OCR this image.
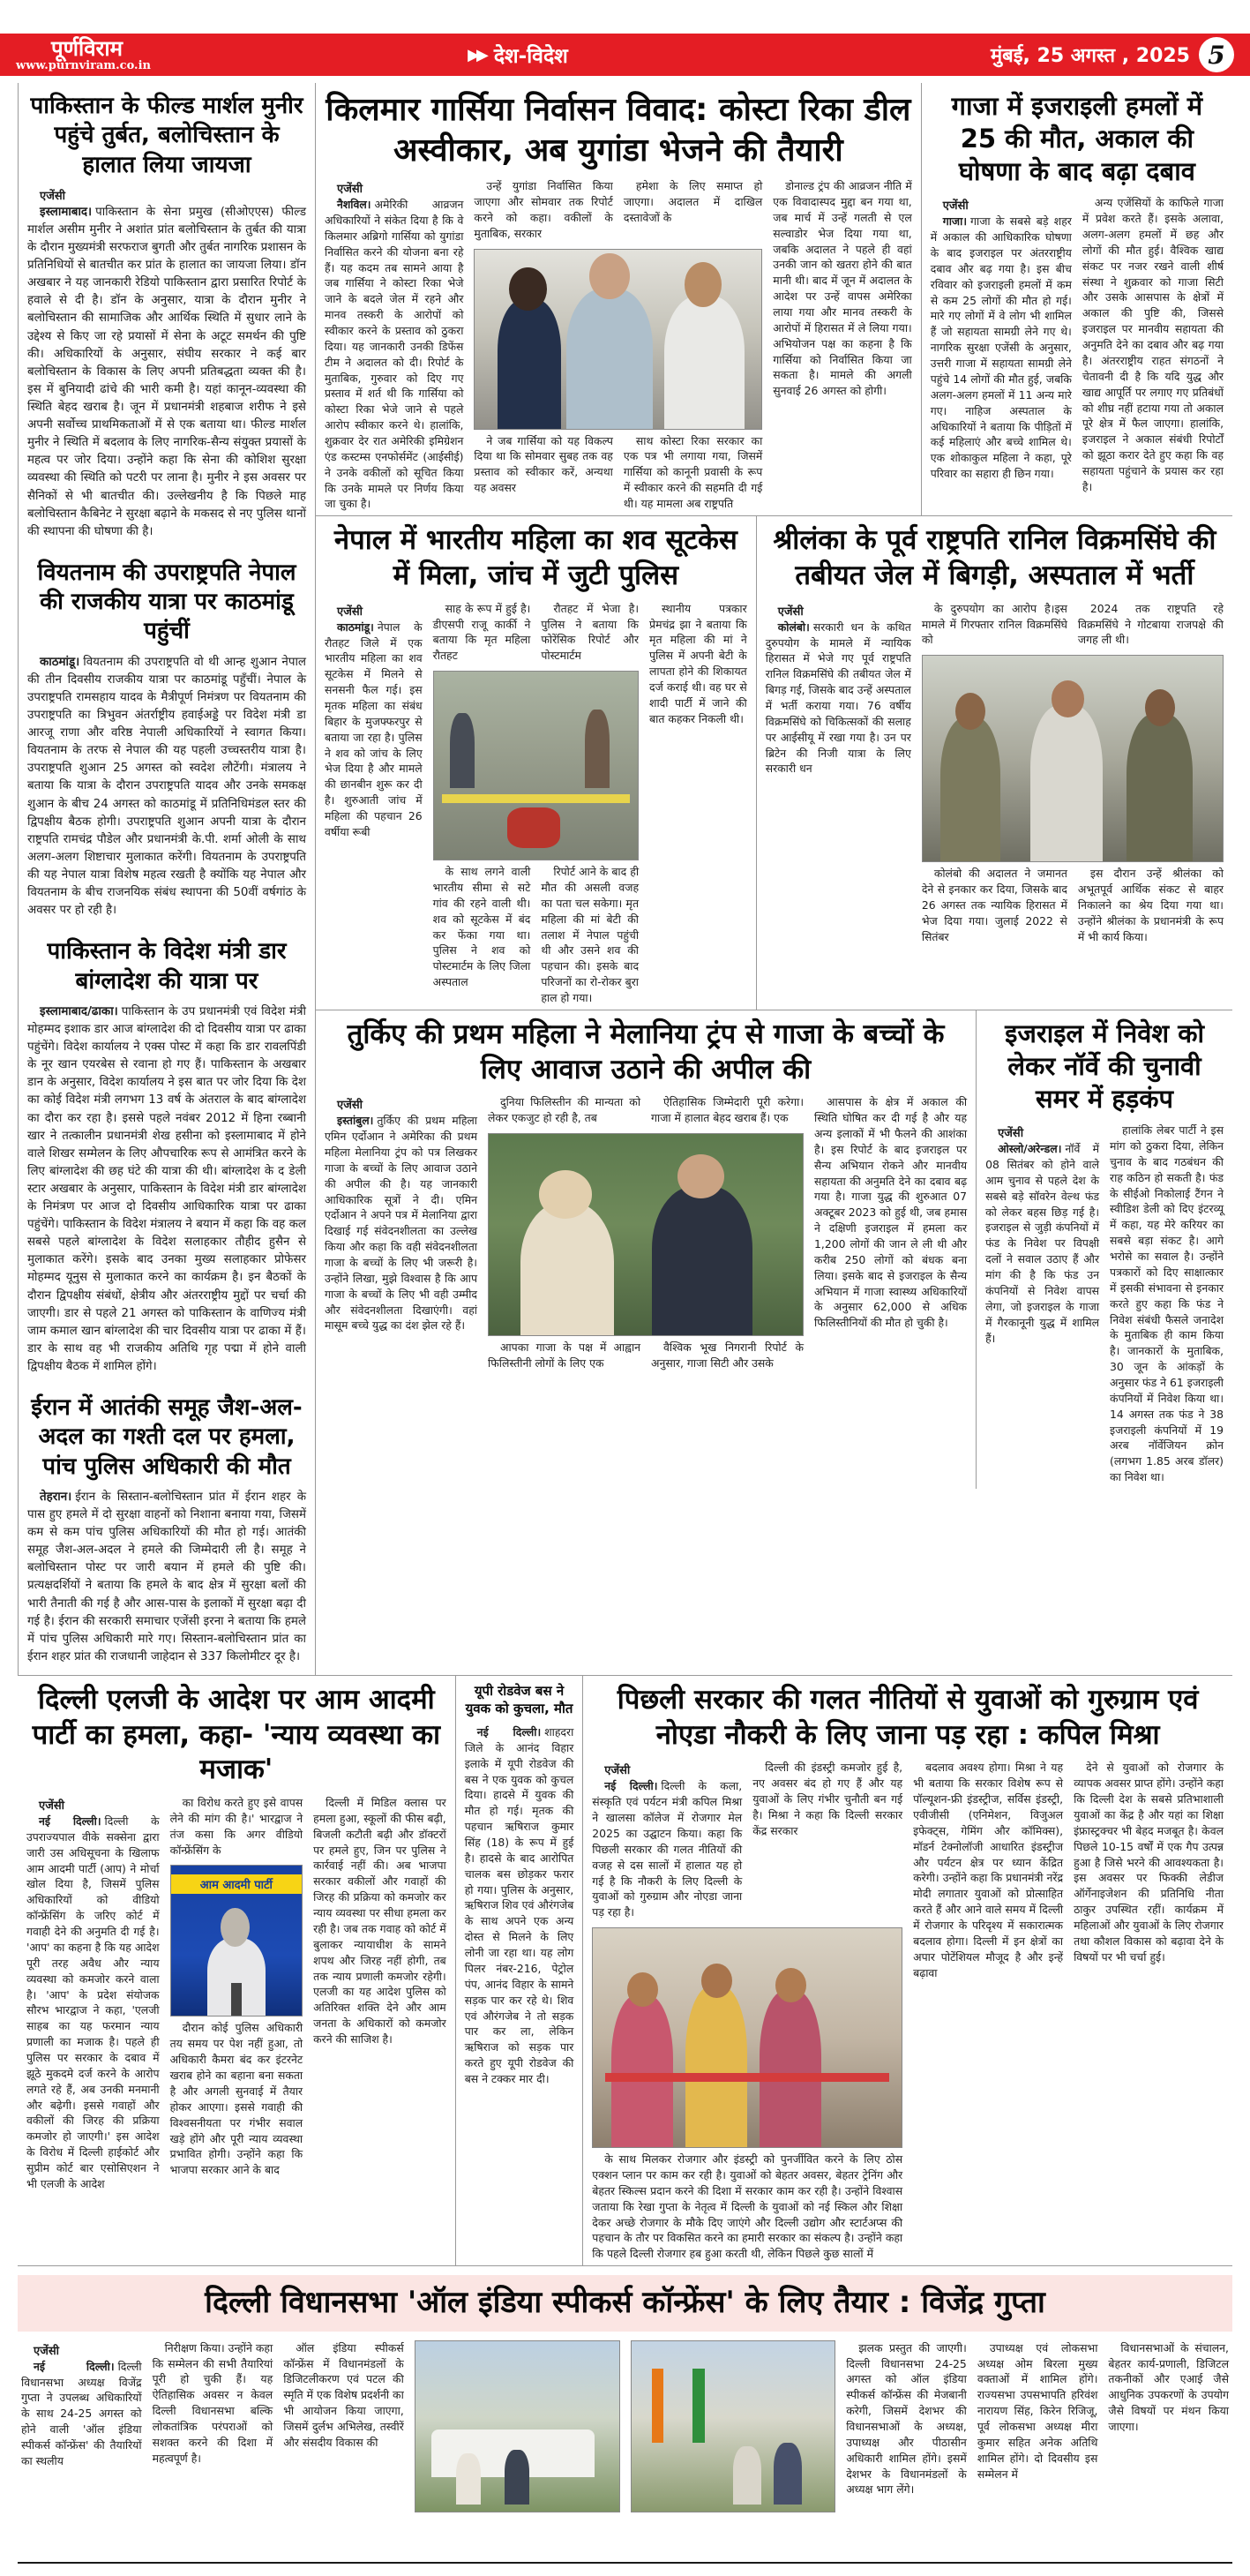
पूर्णविराम
www.purnviram.co.in
▶▶ देश-विदेश	मुंबई, 25 अगस्त , 2025 5
पाकिस्तान के फील्ड मार्शल मुनीर पहुंचे तुर्बत, बलोचिस्तान के हालात लिया जायजा

एजेंसी

इस्लामाबाद। पाकिस्तान के सेना प्रमुख (सीओएएस) फील्ड मार्शल असीम मुनीर ने अशांत प्रांत बलोचिस्तान के तुर्बत की यात्रा के दौरान मुख्यमंत्री सरफराज बुगती और तुर्बत नागरिक प्रशासन के प्रतिनिधियों से बातचीत कर प्रांत के हालात का जायजा लिया। डॉन अखबार ने यह जानकारी रेडियो पाकिस्तान द्वारा प्रसारित रिपोर्ट के हवाले से दी है। डॉन के अनुसार, यात्रा के दौरान मुनीर ने बलोचिस्तान की सामाजिक और आर्थिक स्थिति में सुधार लाने के उद्देश्य से किए जा रहे प्रयासों में सेना के अटूट समर्थन की पुष्टि की। अधिकारियों के अनुसार, संघीय सरकार ने कई बार बलोचिस्तान के विकास के लिए अपनी प्रतिबद्धता व्यक्त की है। इस में बुनियादी ढांचे की भारी कमी है। यहां कानून-व्यवस्था की स्थिति बेहद खराब है। जून में प्रधानमंत्री शहबाज शरीफ ने इसे अपनी सर्वोच्च प्राथमिकताओं में से एक बताया था। फील्ड मार्शल मुनीर ने स्थिति में बदलाव के लिए नागरिक-सैन्य संयुक्त प्रयासों के महत्व पर जोर दिया। उन्होंने कहा कि सेना की कोशिश सुरक्षा व्यवस्था की स्थिति को पटरी पर लाना है। मुनीर ने इस अवसर पर सैनिकों से भी बातचीत की। उल्लेखनीय है कि पिछले माह बलोचिस्तान कैबिनेट ने सुरक्षा बढ़ाने के मकसद से नए पुलिस थानों की स्थापना की घोषणा की है।

वियतनाम की उपराष्ट्रपति नेपाल की राजकीय यात्रा पर काठमांडू पहुंचीं

काठमांडू। वियतनाम की उपराष्ट्रपति वो थी आन्ह शुआन नेपाल की तीन दिवसीय राजकीय यात्रा पर काठमांडू पहुँचीं। नेपाल के उपराष्ट्रपति रामसहाय यादव के मैत्रीपूर्ण निमंत्रण पर वियतनाम की उपराष्ट्रपति का त्रिभुवन अंतर्राष्ट्रीय हवाईअड्डे पर विदेश मंत्री डा आरजू राणा और वरिष्ठ नेपाली अधिकारियों ने स्वागत किया।वियतनाम के तरफ से नेपाल की यह पहली उच्चस्तरीय यात्रा है। उपराष्ट्रपति शुआन 25 अगस्त को स्वदेश लौटेंगी। मंत्रालय ने बताया कि यात्रा के दौरान उपराष्ट्रपति यादव और उनके समकक्ष शुआन के बीच 24 अगस्त को काठमांडू में प्रतिनिधिमंडल स्तर की द्विपक्षीय बैठक होगी। उपराष्ट्रपति शुआन अपनी यात्रा के दौरान राष्ट्रपति रामचंद्र पौडेल और प्रधानमंत्री के.पी. शर्मा ओली के साथ अलग-अलग शिष्टाचार मुलाकात करेंगी। वियतनाम के उपराष्ट्रपति की यह नेपाल यात्रा विशेष महत्व रखती है क्योंकि यह नेपाल और वियतनाम के बीच राजनयिक संबंध स्थापना की 50वीं वर्षगांठ के अवसर पर हो रही है।

पाकिस्तान के विदेश मंत्री डार बांग्लादेश की यात्रा पर

इस्लामाबाद/ढाका। पाकिस्तान के उप प्रधानमंत्री एवं विदेश मंत्री मोहम्मद इशाक डार आज बांग्लादेश की दो दिवसीय यात्रा पर ढाका पहुंचेंगे। विदेश कार्यालय ने एक्स पोस्ट में कहा कि डार रावलपिंडी के नूर खान एयरबेस से रवाना हो गए हैं। पाकिस्तान के अखबार डान के अनुसार, विदेश कार्यालय ने इस बात पर जोर दिया कि देश का कोई विदेश मंत्री लगभग 13 वर्ष के अंतराल के बाद बांग्लादेश का दौरा कर रहा है। इससे पहले नवंबर 2012 में हिना रब्बानी खार ने तत्कालीन प्रधानमंत्री शेख हसीना को इस्लामाबाद में होने वाले शिखर सम्मेलन के लिए औपचारिक रूप से आमंत्रित करने के लिए बांग्लादेश की छह घंटे की यात्रा की थी। बांग्लादेश के द डेली स्टार अखबार के अनुसार, पाकिस्तान के विदेश मंत्री डार बांग्लादेश के निमंत्रण पर आज दो दिवसीय आधिकारिक यात्रा पर ढाका पहुंचेंगे। पाकिस्तान के विदेश मंत्रालय ने बयान में कहा कि वह कल सबसे पहले बांग्लादेश के विदेश सलाहकार तौहीद हुसैन से मुलाकात करेंगे। इसके बाद उनका मुख्य सलाहकार प्रोफेसर मोहम्मद यूनुस से मुलाकात करने का कार्यक्रम है। इन बैठकों के दौरान द्विपक्षीय संबंधों, क्षेत्रीय और अंतरराष्ट्रीय मुद्दों पर चर्चा की जाएगी। डार से पहले 21 अगस्त को पाकिस्तान के वाणिज्य मंत्री जाम कमाल खान बांग्लादेश की चार दिवसीय यात्रा पर ढाका में हैं। डार के साथ वह भी राजकीय अतिथि गृह पद्मा में होने वाली द्विपक्षीय बैठक में शामिल होंगे।

ईरान में आतंकी समूह जैश-अल-अदल का गश्ती दल पर हमला, पांच पुलिस अधिकारी की मौत

तेहरान। ईरान के सिस्तान-बलोचिस्तान प्रांत में ईरान शहर के पास हुए हमले में दो सुरक्षा वाहनों को निशाना बनाया गया, जिसमें कम से कम पांच पुलिस अधिकारियों की मौत हो गई। आतंकी समूह जैश-अल-अदल ने हमले की जिम्मेदारी ली है। समूह ने बलोचिस्तान पोस्ट पर जारी बयान में हमले की पुष्टि की। प्रत्यक्षदर्शियों ने बताया कि हमले के बाद क्षेत्र में सुरक्षा बलों की भारी तैनाती की गई है और आस-पास के इलाकों में सुरक्षा बढ़ा दी गई है। ईरान की सरकारी समाचार एजेंसी इरना ने बताया कि हमले में पांच पुलिस अधिकारी मारे गए। सिस्तान-बलोचिस्तान प्रांत का ईरान शहर प्रांत की राजधानी जाहेदान से 337 किलोमीटर दूर है।

किलमार गार्सिया निर्वासन विवाद: कोस्टा रिका डील अस्वीकार, अब युगांडा भेजने की तैयारी

एजेंसी

नैशविल। अमेरिकी आव्रजन अधिकारियों ने संकेत दिया है कि वे किलमार अब्रिगो गार्सिया को युगांडा निर्वासित करने की योजना बना रहे हैं। यह कदम तब सामने आया है जब गार्सिया ने कोस्टा रिका भेजे जाने के बदले जेल में रहने और मानव तस्करी के आरोपों को स्वीकार करने के प्रस्ताव को ठुकरा दिया। यह जानकारी उनकी डिफेंस टीम ने अदालत को दी। रिपोर्ट के मुताबिक, गुरुवार को दिए गए प्रस्ताव में शर्त थी कि गार्सिया को कोस्टा रिका भेजे जाने से पहले आरोप स्वीकार करने थे। हालांकि, शुक्रवार देर रात अमेरिकी इमिग्रेशन एंड कस्टम्स एनफोर्समेंट (आईसीई) ने उनके वकीलों को सूचित किया कि उनके मामले पर निर्णय किया जा चुका है।

उन्हें युगांडा निर्वासित किया जाएगा और सोमवार तक रिपोर्ट करने को कहा। वकीलों के मुताबिक, सरकार

हमेशा के लिए समाप्त हो जाएगा। अदालत में दाखिल दस्तावेजों के

ने जब गार्सिया को यह विकल्प दिया था कि सोमवार सुबह तक वह प्रस्ताव को स्वीकार करें, अन्यथा यह अवसर

साथ कोस्टा रिका सरकार का एक पत्र भी लगाया गया, जिसमें गार्सिया को कानूनी प्रवासी के रूप में स्वीकार करने की सहमति दी गई थी। यह मामला अब राष्ट्रपति

डोनाल्ड ट्रंप की आव्रजन नीति में एक विवादास्पद मुद्दा बन गया था, जब मार्च में उन्हें गलती से एल सल्वाडोर भेज दिया गया था, जबकि अदालत ने पहले ही वहां उनकी जान को खतरा होने की बात मानी थी। बाद में जून में अदालत के आदेश पर उन्हें वापस अमेरिका लाया गया और मानव तस्करी के आरोपों में हिरासत में ले लिया गया। अभियोजन पक्ष का कहना है कि गार्सिया को निर्वासित किया जा सकता है। मामले की अगली सुनवाई 26 अगस्त को होगी।

गाजा में इजराइली हमलों में 25 की मौत, अकाल की घोषणा के बाद बढ़ा दबाव

एजेंसी

गाजा। गाजा के सबसे बड़े शहर में अकाल की आधिकारिक घोषणा के बाद इजराइल पर अंतरराष्ट्रीय दबाव और बढ़ गया है। इस बीच रविवार को इजराइली हमलों में कम से कम 25 लोगों की मौत हो गई। मारे गए लोगों में वे लोग भी शामिल हैं जो सहायता सामग्री लेने गए थे। नागरिक सुरक्षा एजेंसी के अनुसार, उत्तरी गाजा में सहायता सामग्री लेने पहुंचे 14 लोगों की मौत हुई, जबकि अलग-अलग हमलों में 11 अन्य मारे गए। नाहिज अस्पताल के अधिकारियों ने बताया कि पीड़ितों में कई महिलाएं और बच्चे शामिल थे। एक शोकाकुल महिला ने कहा, पूरे परिवार का सहारा ही छिन गया।

अन्य एजेंसियों के काफिले गाजा में प्रवेश करते हैं। इसके अलावा, अलग-अलग हमलों में छह और लोगों की मौत हुई। वैश्विक खाद्य संकट पर नजर रखने वाली शीर्ष संस्था ने शुक्रवार को गाजा सिटी और उसके आसपास के क्षेत्रों में अकाल की पुष्टि की, जिससे इजराइल पर मानवीय सहायता की अनुमति देने का दबाव और बढ़ गया है। अंतरराष्ट्रीय राहत संगठनों ने चेतावनी दी है कि यदि युद्ध और खाद्य आपूर्ति पर लगाए गए प्रतिबंधों को शीघ्र नहीं हटाया गया तो अकाल पूरे क्षेत्र में फैल जाएगा। हालांकि, इजराइल ने अकाल संबंधी रिपोर्टों को झूठा करार देते हुए कहा कि वह सहायता पहुंचाने के प्रयास कर रहा है।

नेपाल में भारतीय महिला का शव सूटकेस में मिला, जांच में जुटी पुलिस

एजेंसी

काठमांडू। नेपाल के रौतहट जिले में एक भारतीय महिला का शव सूटकेस में मिलने से सनसनी फैल गई। इस मृतक महिला का संबंध बिहार के मुजफ्फरपुर से बताया जा रहा है। पुलिस ने शव को जांच के लिए भेज दिया है और मामले की छानबीन शुरू कर दी है। शुरुआती जांच में महिला की पहचान 26 वर्षीया रूबी

साह के रूप में हुई है। डीएसपी राजू कार्की ने बताया कि मृत महिला रौतहट

रौतहट में भेजा है। पुलिस ने बताया कि फोरेंसिक रिपोर्ट और पोस्टमार्टम

के साथ लगने वाली भारतीय सीमा से सटे गांव की रहने वाली थी। शव को सूटकेस में बंद कर फेंका गया था। पुलिस ने शव को पोस्टमार्टम के लिए जिला अस्पताल

रिपोर्ट आने के बाद ही मौत की असली वजह का पता चल सकेगा। मृत महिला की मां बेटी की तलाश में नेपाल पहुंची थी और उसने शव की पहचान की। इसके बाद परिजनों का रो-रोकर बुरा हाल हो गया।

स्थानीय पत्रकार प्रेमचंद्र झा ने बताया कि मृत महिला की मां ने पुलिस में अपनी बेटी के लापता होने की शिकायत दर्ज कराई थी। वह घर से शादी पार्टी में जाने की बात कहकर निकली थी।

श्रीलंका के पूर्व राष्ट्रपति रानिल विक्रमसिंघे की तबीयत जेल में बिगड़ी, अस्पताल में भर्ती

एजेंसी

कोलंबो। सरकारी धन के कथित दुरुपयोग के मामले में न्यायिक हिरासत में भेजे गए पूर्व राष्ट्रपति रानिल विक्रमसिंघे की तबीयत जेल में बिगड़ गई, जिसके बाद उन्हें अस्पताल में भर्ती कराया गया। 76 वर्षीय विक्रमसिंघे को चिकित्सकों की सलाह पर आईसीयू में रखा गया है। उन पर ब्रिटेन की निजी यात्रा के लिए सरकारी धन

के दुरुपयोग का आरोप है।इस मामले में गिरफ्तार रानिल विक्रमसिंघे को

2024 तक राष्ट्रपति रहे विक्रमसिंघे ने गोटबाया राजपक्षे की जगह ली थी।

कोलंबो की अदालत ने जमानत देने से इनकार कर दिया, जिसके बाद 26 अगस्त तक न्यायिक हिरासत में भेज दिया गया। जुलाई 2022 से सितंबर

इस दौरान उन्हें श्रीलंका को अभूतपूर्व आर्थिक संकट से बाहर निकालने का श्रेय दिया गया था। उन्होंने श्रीलंका के प्रधानमंत्री के रूप में भी कार्य किया।

तुर्किए की प्रथम महिला ने मेलानिया ट्रंप से गाजा के बच्चों के लिए आवाज उठाने की अपील की

एजेंसी

इस्तांबुल। तुर्किए की प्रथम महिला एमिन एर्दोआन ने अमेरिका की प्रथम महिला मेलानिया ट्रंप को पत्र लिखकर गाजा के बच्चों के लिए आवाज उठाने की अपील की है। यह जानकारी आधिकारिक सूत्रों ने दी। एमिन एर्दोआन ने अपने पत्र में मेलानिया द्वारा दिखाई गई संवेदनशीलता का उल्लेख किया और कहा कि वही संवेदनशीलता गाजा के बच्चों के लिए भी जरूरी है। उन्होंने लिखा, मुझे विश्वास है कि आप गाजा के बच्चों के लिए भी वही उम्मीद और संवेदनशीलता दिखाएंगी। वहां मासूम बच्चे युद्ध का दंश झेल रहे हैं।

दुनिया फिलिस्तीन की मान्यता को लेकर एकजुट हो रही है, तब

ऐतिहासिक जिम्मेदारी पूरी करेगा। गाजा में हालात बेहद खराब हैं। एक

आपका गाजा के पक्ष में आह्वान फिलिस्तीनी लोगों के लिए एक

वैश्विक भूख निगरानी रिपोर्ट के अनुसार, गाजा सिटी और उसके

आसपास के क्षेत्र में अकाल की स्थिति घोषित कर दी गई है और यह अन्य इलाकों में भी फैलने की आशंका है। इस रिपोर्ट के बाद इजराइल पर सैन्य अभियान रोकने और मानवीय सहायता की अनुमति देने का दबाव बढ़ गया है। गाजा युद्ध की शुरुआत 07 अक्टूबर 2023 को हुई थी, जब हमास ने दक्षिणी इजराइल में हमला कर 1,200 लोगों की जान ले ली थी और करीब 250 लोगों को बंधक बना लिया। इसके बाद से इजराइल के सैन्य अभियान में गाजा स्वास्थ्य अधिकारियों के अनुसार 62,000 से अधिक फिलिस्तीनियों की मौत हो चुकी है।

इजराइल में निवेश को लेकर नॉर्वे की चुनावी समर में हड़कंप

एजेंसी

ओस्लो/अरेन्डल। नॉर्वे में 08 सितंबर को होने वाले आम चुनाव से पहले देश के सबसे बड़े सॉवरेन वेल्थ फंड को लेकर बहस छिड़ गई है। इजराइल से जुड़ी कंपनियों में फंड के निवेश पर विपक्षी दलों ने सवाल उठाए हैं और मांग की है कि फंड उन कंपनियों से निवेश वापस लेगा, जो इजराइल के गाजा में गैरकानूनी युद्ध में शामिल हैं।

हालांकि लेबर पार्टी ने इस मांग को ठुकरा दिया, लेकिन चुनाव के बाद गठबंधन की राह कठिन हो सकती है। फंड के सीईओ निकोलाई टैंगन ने स्वीडिश डेली को दिए इंटरव्यू में कहा, यह मेरे करियर का सबसे बड़ा संकट है। आगे भरोसे का सवाल है। उन्होंने पत्रकारों को दिए साक्षात्कार में इसकी संभावना से इनकार करते हुए कहा कि फंड ने निवेश संबंधी फैसले जनादेश के मुताबिक ही काम किया है। जानकारों के मुताबिक, 30 जून के आंकड़ों के अनुसार फंड ने 61 इजराइली कंपनियों में निवेश किया था। 14 अगस्त तक फंड ने 38 इजराइली कंपनियों में 19 अरब नॉर्वेजियन क्रोन (लगभग 1.85 अरब डॉलर) का निवेश था।

दिल्ली एलजी के आदेश पर आम आदमी पार्टी का हमला, कहा- 'न्याय व्यवस्था का मजाक'

एजेंसी

नई दिल्ली। दिल्ली के उपराज्यपाल वीके सक्सेना द्वारा जारी उस अधिसूचना के खिलाफ आम आदमी पार्टी (आप) ने मोर्चा खोल दिया है, जिसमें पुलिस अधिकारियों को वीडियो कॉन्फ्रेंसिंग के जरिए कोर्ट में गवाही देने की अनुमति दी गई है। 'आप' का कहना है कि यह आदेश पूरी तरह अवैध और न्याय व्यवस्था को कमजोर करने वाला है। 'आप' के प्रदेश संयोजक सौरभ भारद्वाज ने कहा, 'एलजी साहब का यह फरमान न्याय प्रणाली का मजाक है। पहले ही पुलिस पर सरकार के दबाव में झूठे मुकदमे दर्ज करने के आरोप लगते रहे हैं, अब उनकी मनमानी और बढ़ेगी। इससे गवाहों और वकीलों की जिरह की प्रक्रिया कमजोर हो जाएगी।' इस आदेश के विरोध में दिल्ली हाईकोर्ट और सुप्रीम कोर्ट बार एसोसिएशन ने भी एलजी के आदेश

का विरोध करते हुए इसे वापस लेने की मांग की है।' भारद्वाज ने तंज कसा कि अगर वीडियो कॉन्फ्रेंसिंग के

आम आदमी पार्टी

दौरान कोई पुलिस अधिकारी तय समय पर पेश नहीं हुआ, तो अधिकारी कैमरा बंद कर इंटरनेट खराब होने का बहाना बना सकता है और अगली सुनवाई में तैयार होकर आएगा। इससे गवाही की विश्वसनीयता पर गंभीर सवाल खड़े होंगे और पूरी न्याय व्यवस्था प्रभावित होगी। उन्होंने कहा कि भाजपा सरकार आने के बाद

दिल्ली में मिडिल क्लास पर हमला हुआ, स्कूलों की फीस बढ़ी, बिजली कटौती बढ़ी और डॉक्टरों पर हमले हुए, जिन पर पुलिस ने कार्रवाई नहीं की। अब भाजपा सरकार वकीलों और गवाहों की जिरह की प्रक्रिया को कमजोर कर न्याय व्यवस्था पर सीधा हमला कर रही है। जब तक गवाह को कोर्ट में बुलाकर न्यायाधीश के सामने शपथ और जिरह नहीं होगी, तब तक न्याय प्रणाली कमजोर रहेगी। एलजी का यह आदेश पुलिस को अतिरिक्त शक्ति देने और आम जनता के अधिकारों को कमजोर करने की साजिश है।

यूपी रोडवेज बस ने युवक को कुचला, मौत

नई दिल्ली। शाहदरा जिले के आनंद विहार इलाके में यूपी रोडवेज की बस ने एक युवक को कुचल दिया। हादसे में युवक की मौत हो गई। मृतक की पहचान ऋषिराज कुमार सिंह (18) के रूप में हुई है। हादसे के बाद आरोपित चालक बस छोड़कर फरार हो गया। पुलिस के अनुसार, ऋषिराज शिव एवं औरंगजेब के साथ अपने एक अन्य दोस्त से मिलने के लिए लोनी जा रहा था। यह लोग पिलर नंबर-216, पेट्रोल पंप, आनंद विहार के सामने सड़क पार कर रहे थे। शिव एवं औरंगजेब ने तो सड़क पार कर ला, लेकिन ऋषिराज को सड़क पार करते हुए यूपी रोडवेज की बस ने टक्कर मार दी।

पिछली सरकार की गलत नीतियों से युवाओं को गुरुग्राम एवं नोएडा नौकरी के लिए जाना पड़ रहा : कपिल मिश्रा

एजेंसी

नई दिल्ली। दिल्ली के कला, संस्कृति एवं पर्यटन मंत्री कपिल मिश्रा ने खालसा कॉलेज में रोजगार मेल 2025 का उद्घाटन किया। कहा कि पिछली सरकार की गलत नीतियों की वजह से दस सालों में हालात यह हो गई है कि नौकरी के लिए दिल्ली के युवाओं को गुरुग्राम और नोएडा जाना पड़ रहा है।

दिल्ली की इंडस्ट्री कमजोर हुई है, नए अवसर बंद हो गए हैं और यह युवाओं के लिए गंभीर चुनौती बन गई है। मिश्रा ने कहा कि दिल्ली सरकार केंद्र सरकार

के साथ मिलकर रोजगार और इंडस्ट्री को पुनर्जीवित करने के लिए ठोस एक्शन प्लान पर काम कर रही है। युवाओं को बेहतर अवसर, बेहतर ट्रेनिंग और बेहतर स्किल्स प्रदान करने की दिशा में सरकार काम कर रही है। उन्होंने विश्वास जताया कि रेखा गुप्ता के नेतृत्व में दिल्ली के युवाओं को नई स्किल और शिक्षा देकर अच्छे रोजगार के मौके दिए जाएंगे और दिल्ली उद्योग और स्टार्टअप्स की पहचान के तौर पर विकसित करने का हमारी सरकार का संकल्प है। उन्होंने कहा कि पहले दिल्ली रोजगार हब हुआ करती थी, लेकिन पिछले कुछ सालों में

बदलाव अवश्य होगा। मिश्रा ने यह भी बताया कि सरकार विशेष रूप से पॉल्यूशन-फ्री इंडस्ट्रीज, सर्विस इंडस्ट्री, एवीजीसी (एनिमेशन, विजुअल इफेक्ट्स, गेमिंग और कॉमिक्स), मॉडर्न टेक्नोलॉजी आधारित इंडस्ट्रीज और पर्यटन क्षेत्र पर ध्यान केंद्रित करेगी। उन्होंने कहा कि प्रधानमंत्री नरेंद्र मोदी लगातार युवाओं को प्रोत्साहित करते हैं और आने वाले समय में दिल्ली में रोजगार के परिदृश्य में सकारात्मक बदलाव होगा। दिल्ली में इन क्षेत्रों का अपार पोटेंशियल मौजूद है और इन्हें बढ़ावा

देने से युवाओं को रोजगार के व्यापक अवसर प्राप्त होंगे। उन्होंने कहा कि दिल्ली देश के सबसे प्रतिभाशाली युवाओं का केंद्र है और यहां का शिक्षा इंफ्रास्ट्रक्चर भी बेहद मजबूत है। केवल पिछले 10-15 वर्षों में एक गैप उत्पन्न हुआ है जिसे भरने की आवश्यकता है। इस अवसर पर फिक्की लेडीज ऑर्गेनाइजेशन की प्रतिनिधि नीता ठाकुर उपस्थित रहीं। कार्यक्रम में महिलाओं और युवाओं के लिए रोजगार तथा कौशल विकास को बढ़ावा देने के विषयों पर भी चर्चा हुई।

दिल्ली विधानसभा 'ऑल इंडिया स्पीकर्स कॉन्फ्रेंस' के लिए तैयार : विजेंद्र गुप्ता

एजेंसी

नई दिल्ली। दिल्ली विधानसभा अध्यक्ष विजेंद्र गुप्ता ने उपलब्ध अधिकारियों के साथ 24-25 अगस्त को होने वाली 'ऑल इंडिया स्पीकर्स कॉन्फ्रेंस' की तैयारियों का स्थलीय

निरीक्षण किया। उन्होंने कहा कि सम्मेलन की सभी तैयारियां पूरी हो चुकी हैं। यह ऐतिहासिक अवसर न केवल दिल्ली विधानसभा बल्कि लोकतांत्रिक परंपराओं को सशक्त करने की दिशा में महत्वपूर्ण है।

ऑल इंडिया स्पीकर्स कॉन्फ्रेंस में विधानमंडलों के डिजिटलीकरण एवं पटल की स्मृति में एक विशेष प्रदर्शनी का भी आयोजन किया जाएगा, जिसमें दुर्लभ अभिलेख, तस्वीरें और संसदीय विकास की

झलक प्रस्तुत की जाएगी। दिल्ली विधानसभा 24-25 अगस्त को ऑल इंडिया स्पीकर्स कॉन्फ्रेंस की मेजबानी करेगी, जिसमें देशभर की विधानसभाओं के अध्यक्ष, उपाध्यक्ष और पीठासीन अधिकारी शामिल होंगे। इसमें देशभर के विधानमंडलों के अध्यक्ष भाग लेंगे।

उपाध्यक्ष एवं लोकसभा अध्यक्ष ओम बिरला मुख्य वक्ताओं में शामिल होंगे। राज्यसभा उपसभापति हरिवंश नारायण सिंह, किरेन रिजिजू, पूर्व लोकसभा अध्यक्ष मीरा कुमार सहित अनेक अतिथि शामिल होंगे। दो दिवसीय इस सम्मेलन में

विधानसभाओं के संचालन, बेहतर कार्य-प्रणाली, डिजिटल तकनीकों और एआई जैसे आधुनिक उपकरणों के उपयोग जैसे विषयों पर मंथन किया जाएगा।
